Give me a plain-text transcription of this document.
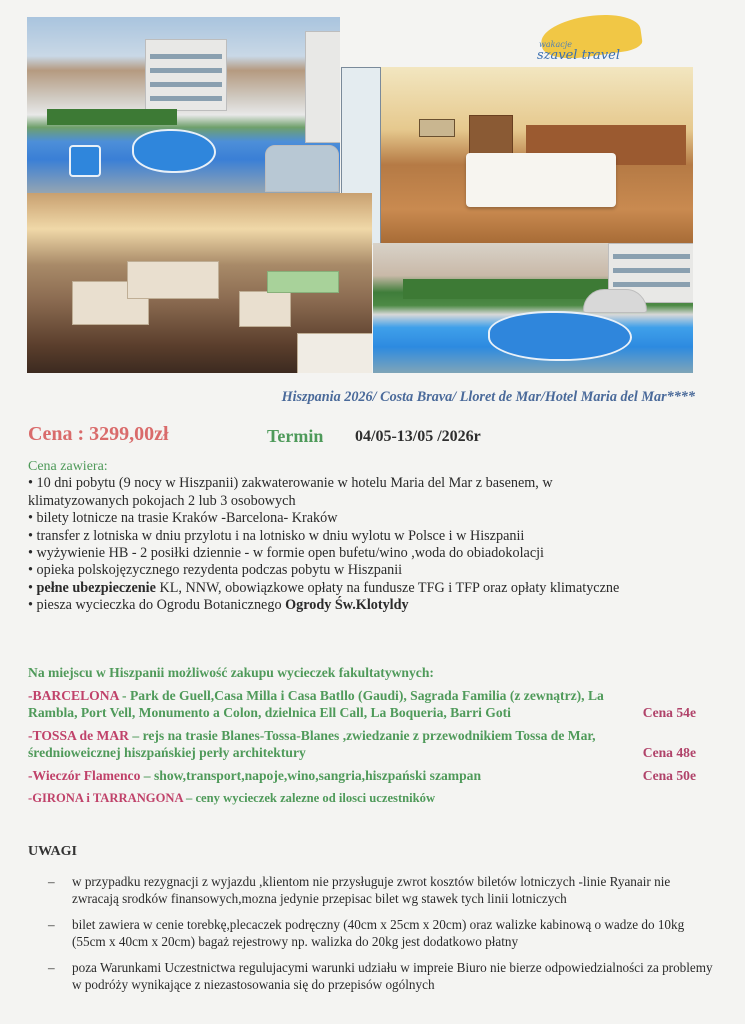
wakacje
szavel travel
Hiszpania 2026/ Costa Brava/ Lloret de Mar/Hotel Maria del Mar****
Cena : 3299,00zł	Termin 04/05-13/05 /2026r
Cena zawiera:
• 10 dni pobytu (9 nocy w Hiszpanii) zakwaterowanie w hotelu Maria del Mar z basenem, w
klimatyzowanych pokojach 2 lub 3 osobowych
• bilety lotnicze na trasie Kraków -Barcelona- Kraków
• transfer z lotniska w dniu przylotu i na lotnisko w dniu wylotu w Polsce i w Hiszpanii
• wyżywienie HB - 2 posiłki dziennie - w formie open bufetu/wino ,woda do obiadokolacji
• opieka polskojęzycznego rezydenta podczas pobytu w Hiszpanii
• pełne ubezpieczenie KL, NNW, obowiązkowe opłaty na fundusze TFG i TFP oraz opłaty klimatyczne
• piesza wycieczka do Ogrodu Botanicznego Ogrody Św.Klotyldy
Na miejscu w Hiszpanii możliwość zakupu wycieczek fakultatywnych:
-BARCELONA - Park de Guell,Casa Milla i Casa Batllo (Gaudi), Sagrada Familia (z zewnątrz), La Rambla, Port Vell, Monumento a Colon, dzielnica Ell Call, La Boqueria, Barri Goti	Cena 54e
-TOSSA de MAR – rejs na trasie Blanes-Tossa-Blanes ,zwiedzanie z przewodnikiem Tossa de Mar, średnioweicznej hiszpańskiej perły architektury	Cena 48e
-Wieczór Flamenco – show,transport,napoje,wino,sangria,hiszpański szampan	Cena 50e
-GIRONA i TARRANGONA – ceny wycieczek zalezne od ilosci uczestników
UWAGI
– w przypadku rezygnacji z wyjazdu ,klientom nie przysługuje zwrot kosztów biletów lotniczych -linie Ryanair nie zwracają srodków finansowych,mozna jedynie przepisac bilet wg stawek tych linii lotniczych
– bilet zawiera w cenie torebkę,plecaczek podręczny (40cm x 25cm x 20cm) oraz walizke kabinową o wadze do 10kg (55cm x 40cm x 20cm) bagaż rejestrowy np. walizka do 20kg jest dodatkowo płatny
– poza Warunkami Uczestnictwa regulujacymi warunki udziału w impreie Biuro nie bierze odpowiedzialności za problemy w podróży wynikające z niezastosowania się do przepisów ogólnych
